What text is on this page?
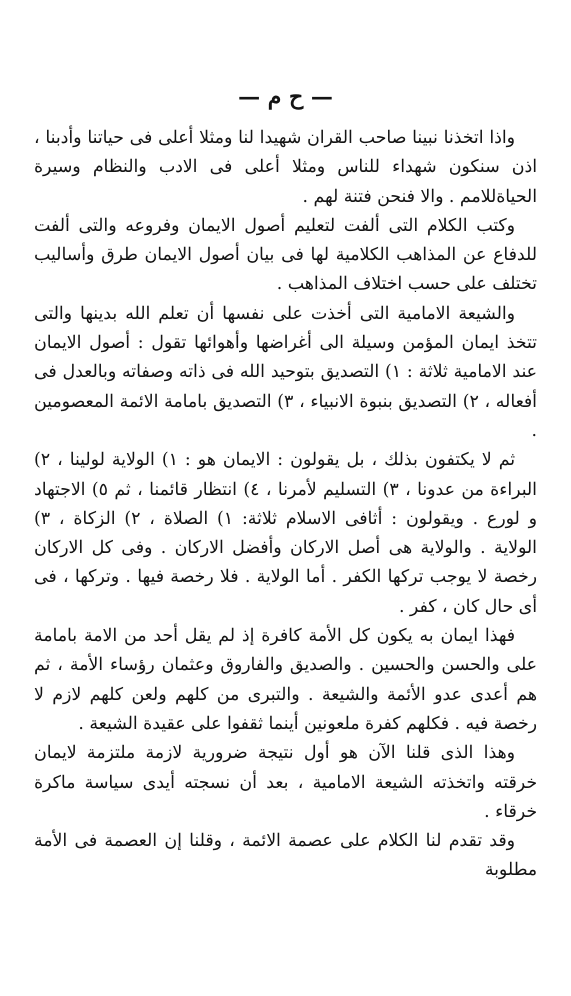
— ح م —

واذا اتخذنا نبينا صاحب القران شهيدا لنا ومثلا أعلى فى حياتنا وأدبنا ، اذن سنكون شهداء للناس ومثلا أعلى فى الادب والنظام وسيرة الحياةللامم . والا فنحن فتنة لهم .

وكتب الكلام التى ألفت لتعليم أصول الايمان وفروعه والتى ألفت للدفاع عن المذاهب الكلامية لها فى بيان أصول الايمان طرق وأساليب تختلف على حسب اختلاف المذاهب .

والشيعة الامامية التى أخذت على نفسها أن تعلم الله بدينها والتى تتخذ ايمان المؤمن وسيلة الى أغراضها وأهوائها تقول : أصول الايمان عند الامامية ثلاثة : ١) التصديق بتوحيد الله فى ذاته وصفاته وبالعدل فى أفعاله ، ٢) التصديق بنبوة الانبياء ، ٣) التصديق بامامة الائمة المعصومين .

ثم لا يكتفون بذلك ، بل يقولون : الايمان هو : ١) الولاية لولينا ، ٢) البراءة من عدونا ، ٣) التسليم لأمرنا ، ٤) انتظار قائمنا ، ثم ٥) الاجتهاد و لورع . ويقولون : أثافى الاسلام ثلاثة: ١) الصلاة ، ٢) الزكاة ، ٣) الولاية . والولاية هى أصل الاركان وأفضل الاركان . وفى كل الاركان رخصة لا يوجب تركها الكفر . أما الولاية . فلا رخصة فيها . وتركها ، فى أى حال كان ، كفر .

فهذا ايمان به يكون كل الأمة كافرة إذ لم يقل أحد من الامة بامامة على والحسن والحسين . والصديق والفاروق وعثمان رؤساء الأمة ، ثم هم أعدى عدو الأئمة والشيعة . والتبرى من كلهم ولعن كلهم لازم لا رخصة فيه . فكلهم كفرة ملعونين أينما ثقفوا على عقيدة الشيعة .

وهذا الذى قلنا الآن هو أول نتيجة ضرورية لازمة ملتزمة لايمان خرقته واتخذته الشيعة الامامية ، بعد أن نسجته أيدى سياسة ماكرة خرقاء .

وقد تقدم لنا الكلام على عصمة الائمة ، وقلنا إن العصمة فى الأمة مطلوبة
